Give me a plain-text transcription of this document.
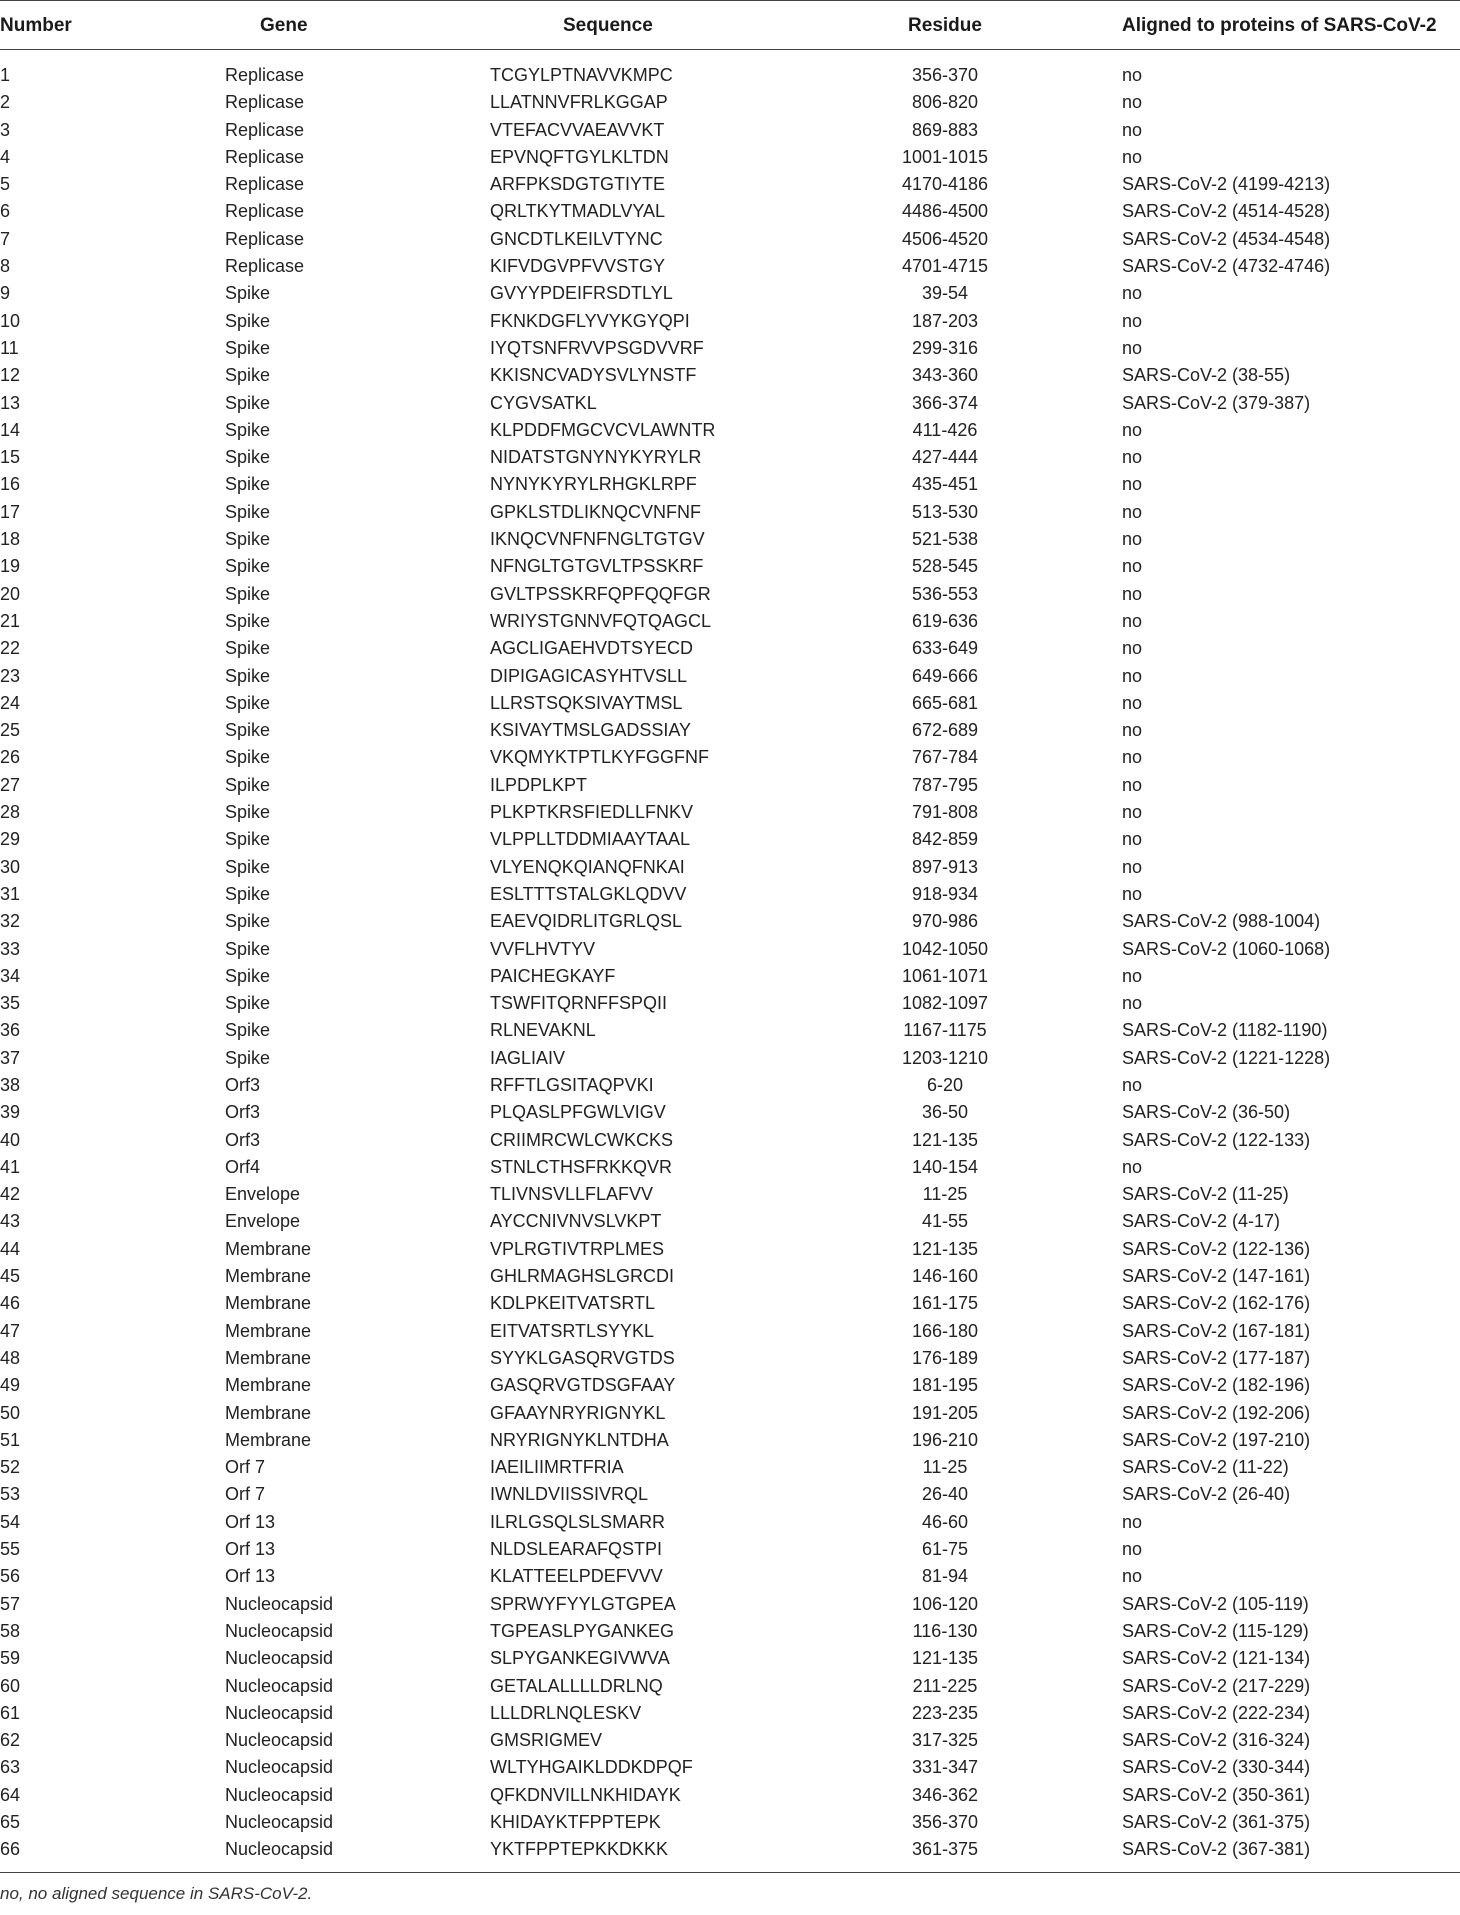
Number	Gene	Sequence	Residue	Aligned to proteins of SARS-CoV-2
1	Replicase	TCGYLPTNAVVKMPC	356-370	no
2	Replicase	LLATNNVFRLKGGAP	806-820	no
3	Replicase	VTEFACVVAEAVVKT	869-883	no
4	Replicase	EPVNQFTGYLKLTDN	1001-1015	no
5	Replicase	ARFPKSDGTGTIYTE	4170-4186	SARS-CoV-2 (4199-4213)
6	Replicase	QRLTKYTMADLVYAL	4486-4500	SARS-CoV-2 (4514-4528)
7	Replicase	GNCDTLKEILVTYNC	4506-4520	SARS-CoV-2 (4534-4548)
8	Replicase	KIFVDGVPFVVSTGY	4701-4715	SARS-CoV-2 (4732-4746)
9	Spike	GVYYPDEIFRSDTLYL	39-54	no
10	Spike	FKNKDGFLYVYKGYQPI	187-203	no
11	Spike	IYQTSNFRVVPSGDVVRF	299-316	no
12	Spike	KKISNCVADYSVLYNSTF	343-360	SARS-CoV-2 (38-55)
13	Spike	CYGVSATKL	366-374	SARS-CoV-2 (379-387)
14	Spike	KLPDDFMGCVCVLAWNTR	411-426	no
15	Spike	NIDATSTGNYNYKYRYLR	427-444	no
16	Spike	NYNYKYRYLRHGKLRPF	435-451	no
17	Spike	GPKLSTDLIKNQCVNFNF	513-530	no
18	Spike	IKNQCVNFNFNGLTGTGV	521-538	no
19	Spike	NFNGLTGTGVLTPSSKRF	528-545	no
20	Spike	GVLTPSSKRFQPFQQFGR	536-553	no
21	Spike	WRIYSTGNNVFQTQAGCL	619-636	no
22	Spike	AGCLIGAEHVDTSYECD	633-649	no
23	Spike	DIPIGAGICASYHTVSLL	649-666	no
24	Spike	LLRSTSQKSIVAYTMSL	665-681	no
25	Spike	KSIVAYTMSLGADSSIAY	672-689	no
26	Spike	VKQMYKTPTLKYFGGFNF	767-784	no
27	Spike	ILPDPLKPT	787-795	no
28	Spike	PLKPTKRSFIEDLLFNKV	791-808	no
29	Spike	VLPPLLTDDMIAAYTAAL	842-859	no
30	Spike	VLYENQKQIANQFNKAI	897-913	no
31	Spike	ESLTTTSTALGKLQDVV	918-934	no
32	Spike	EAEVQIDRLITGRLQSL	970-986	SARS-CoV-2 (988-1004)
33	Spike	VVFLHVTYV	1042-1050	SARS-CoV-2 (1060-1068)
34	Spike	PAICHEGKAYF	1061-1071	no
35	Spike	TSWFITQRNFFSPQII	1082-1097	no
36	Spike	RLNEVAKNL	1167-1175	SARS-CoV-2 (1182-1190)
37	Spike	IAGLIAIV	1203-1210	SARS-CoV-2 (1221-1228)
38	Orf3	RFFTLGSITAQPVKI	6-20	no
39	Orf3	PLQASLPFGWLVIGV	36-50	SARS-CoV-2 (36-50)
40	Orf3	CRIIMRCWLCWKCKS	121-135	SARS-CoV-2 (122-133)
41	Orf4	STNLCTHSFRKKQVR	140-154	no
42	Envelope	TLIVNSVLLFLAFVV	11-25	SARS-CoV-2 (11-25)
43	Envelope	AYCCNIVNVSLVKPT	41-55	SARS-CoV-2 (4-17)
44	Membrane	VPLRGTIVTRPLMES	121-135	SARS-CoV-2 (122-136)
45	Membrane	GHLRMAGHSLGRCDI	146-160	SARS-CoV-2 (147-161)
46	Membrane	KDLPKEITVATSRTL	161-175	SARS-CoV-2 (162-176)
47	Membrane	EITVATSRTLSYYKL	166-180	SARS-CoV-2 (167-181)
48	Membrane	SYYKLGASQRVGTDS	176-189	SARS-CoV-2 (177-187)
49	Membrane	GASQRVGTDSGFAAY	181-195	SARS-CoV-2 (182-196)
50	Membrane	GFAAYNRYRIGNYKL	191-205	SARS-CoV-2 (192-206)
51	Membrane	NRYRIGNYKLNTDHA	196-210	SARS-CoV-2 (197-210)
52	Orf 7	IAEILIIMRTFRIA	11-25	SARS-CoV-2 (11-22)
53	Orf 7	IWNLDVIISSIVRQL	26-40	SARS-CoV-2 (26-40)
54	Orf 13	ILRLGSQLSLSMARR	46-60	no
55	Orf 13	NLDSLEARAFQSTPI	61-75	no
56	Orf 13	KLATTEELPDEFVVV	81-94	no
57	Nucleocapsid	SPRWYFYYLGTGPEA	106-120	SARS-CoV-2 (105-119)
58	Nucleocapsid	TGPEASLPYGANKEG	116-130	SARS-CoV-2 (115-129)
59	Nucleocapsid	SLPYGANKEGIVWVA	121-135	SARS-CoV-2 (121-134)
60	Nucleocapsid	GETALALLLLDRLNQ	211-225	SARS-CoV-2 (217-229)
61	Nucleocapsid	LLLDRLNQLESKV	223-235	SARS-CoV-2 (222-234)
62	Nucleocapsid	GMSRIGMEV	317-325	SARS-CoV-2 (316-324)
63	Nucleocapsid	WLTYHGAIKLDDKDPQF	331-347	SARS-CoV-2 (330-344)
64	Nucleocapsid	QFKDNVILLNKHIDAYK	346-362	SARS-CoV-2 (350-361)
65	Nucleocapsid	KHIDAYKTFPPTEPK	356-370	SARS-CoV-2 (361-375)
66	Nucleocapsid	YKTFPPTEPKKDKKK	361-375	SARS-CoV-2 (367-381)
no, no aligned sequence in SARS-CoV-2.
